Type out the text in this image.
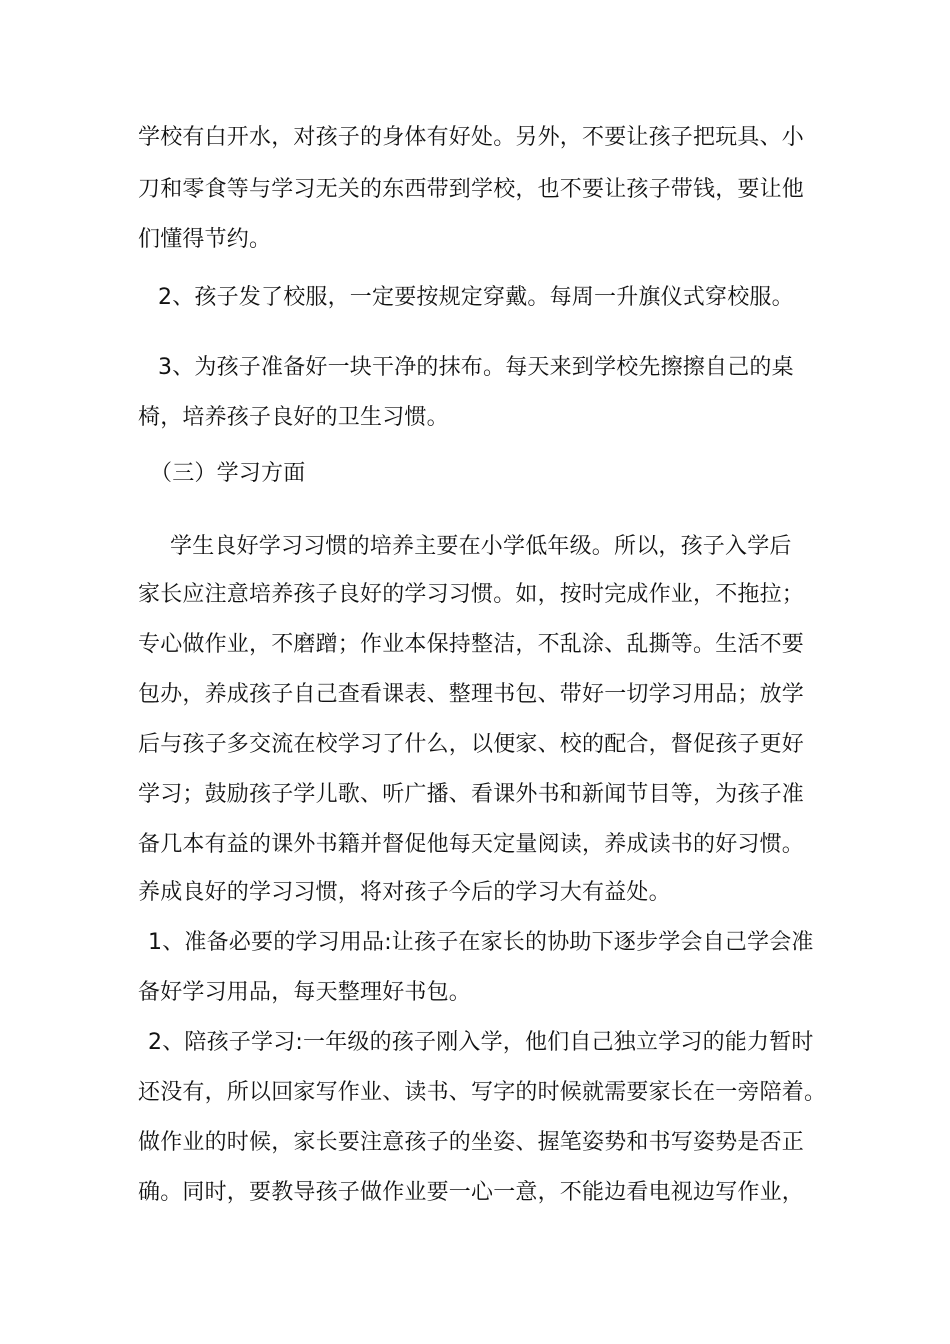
学校有白开水，对孩子的身体有好处。另外，不要让孩子把玩具、小
刀和零食等与学习无关的东西带到学校，也不要让孩子带钱，要让他
们懂得节约。
2、孩子发了校服，一定要按规定穿戴。每周一升旗仪式穿校服。
3、为孩子准备好一块干净的抹布。每天来到学校先擦擦自己的桌
椅，培养孩子良好的卫生习惯。
（三）学习方面
学生良好学习习惯的培养主要在小学低年级。所以，孩子入学后
家长应注意培养孩子良好的学习习惯。如，按时完成作业，不拖拉；
专心做作业，不磨蹭；作业本保持整洁，不乱涂、乱撕等。生活不要
包办，养成孩子自己查看课表、整理书包、带好一切学习用品；放学
后与孩子多交流在校学习了什么，以便家、校的配合，督促孩子更好
学习；鼓励孩子学儿歌、听广播、看课外书和新闻节目等，为孩子准
备几本有益的课外书籍并督促他每天定量阅读，养成读书的好习惯。
养成良好的学习习惯，将对孩子今后的学习大有益处。
1、准备必要的学习用品:让孩子在家长的协助下逐步学会自己学会准
备好学习用品，每天整理好书包。
2、陪孩子学习:一年级的孩子刚入学，他们自己独立学习的能力暂时
还没有，所以回家写作业、读书、写字的时候就需要家长在一旁陪着。
做作业的时候，家长要注意孩子的坐姿、握笔姿势和书写姿势是否正
确。同时，要教导孩子做作业要一心一意，不能边看电视边写作业，
